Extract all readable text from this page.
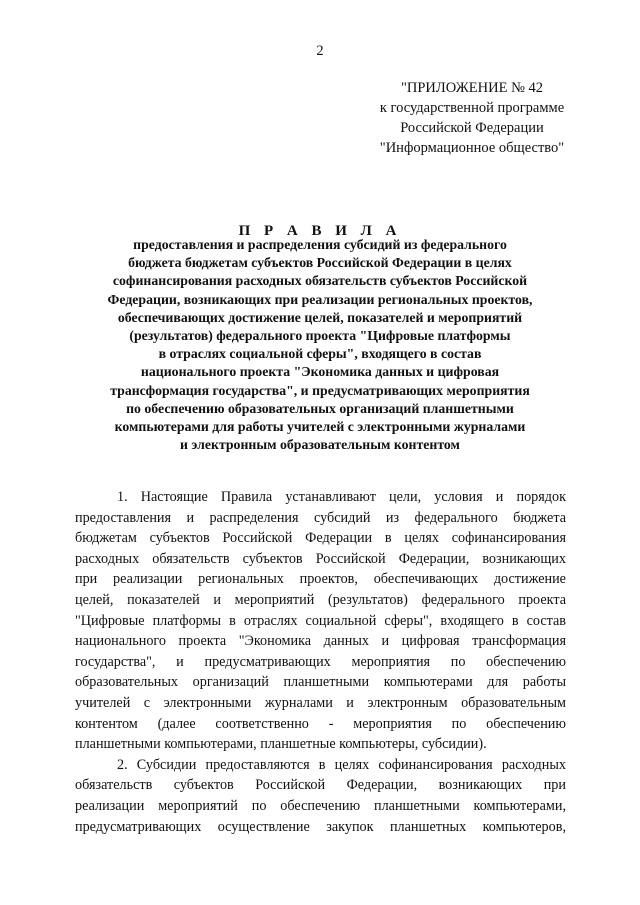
2
"ПРИЛОЖЕНИЕ № 42
к государственной программе
Российской Федерации
"Информационное общество"
П Р А В И Л А
предоставления и распределения субсидий из федерального
бюджета бюджетам субъектов Российской Федерации в целях
софинансирования расходных обязательств субъектов Российской
Федерации, возникающих при реализации региональных проектов,
обеспечивающих достижение целей, показателей и мероприятий
(результатов) федерального проекта "Цифровые платформы
в отраслях социальной сферы", входящего в состав
национального проекта "Экономика данных и цифровая
трансформация государства", и предусматривающих мероприятия
по обеспечению образовательных организаций планшетными
компьютерами для работы учителей с электронными журналами
и электронным образовательным контентом
1. Настоящие Правила устанавливают цели, условия и порядок
предоставления и распределения субсидий из федерального бюджета
бюджетам субъектов Российской Федерации в целях софинансирования
расходных обязательств субъектов Российской Федерации, возникающих
при реализации региональных проектов, обеспечивающих достижение
целей, показателей и мероприятий (результатов) федерального проекта
"Цифровые платформы в отраслях социальной сферы", входящего в состав
национального проекта "Экономика данных и цифровая трансформация
государства", и предусматривающих мероприятия по обеспечению
образовательных организаций планшетными компьютерами для работы
учителей с электронными журналами и электронным образовательным
контентом (далее соответственно - мероприятия по обеспечению
планшетными компьютерами, планшетные компьютеры, субсидии).
2. Субсидии предоставляются в целях софинансирования расходных
обязательств субъектов Российской Федерации, возникающих при
реализации мероприятий по обеспечению планшетными компьютерами,
предусматривающих осуществление закупок планшетных компьютеров,
